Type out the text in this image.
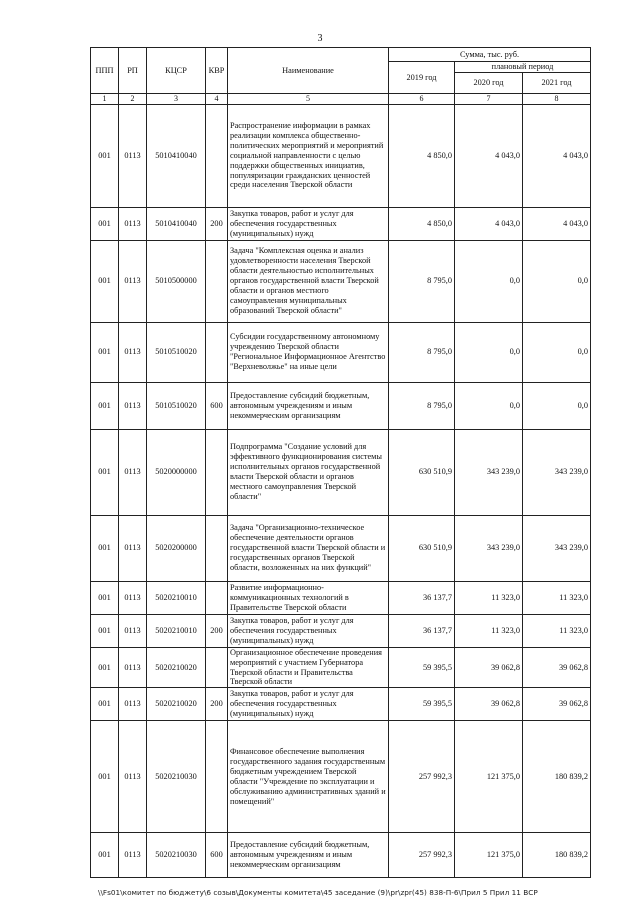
3
ППП	РП	КЦСР	КВР	Наименование	Сумма, тыс. руб.		
					2019 год	плановый период	
						2020 год	2021 год
1	2	3	4	5	6	7	8
001	0113	5010410040		Распространение информации в рамках реализации комплекса общественно-политических мероприятий и мероприятий социальной направленности с целью поддержки общественных инициатив, популяризации гражданских ценностей среди населения Тверской области	4 850,0	4 043,0	4 043,0
001	0113	5010410040	200	Закупка товаров, работ и услуг для обеспечения государственных (муниципальных) нужд	4 850,0	4 043,0	4 043,0
001	0113	5010500000		Задача "Комплексная оценка и анализ удовлетворенности населения Тверской области деятельностью исполнительных органов государственной власти Тверской области и органов местного самоуправления муниципальных образований Тверской области"	8 795,0	0,0	0,0
001	0113	5010510020		Субсидии государственному автономному учреждению Тверской области "Региональное Информационное Агентство "Верхневолжье" на иные цели	8 795,0	0,0	0,0
001	0113	5010510020	600	Предоставление субсидий бюджетным, автономным учреждениям и иным некоммерческим организациям	8 795,0	0,0	0,0
001	0113	5020000000		Подпрограмма "Создание условий для эффективного функционирования системы исполнительных органов государственной власти Тверской области и органов местного самоуправления Тверской области"	630 510,9	343 239,0	343 239,0
001	0113	5020200000		Задача "Организационно-техническое обеспечение деятельности органов государственной власти Тверской области и государственных органов Тверской области, возложенных на них функций"	630 510,9	343 239,0	343 239,0
001	0113	5020210010		Развитие информационно-коммуникационных технологий в Правительстве Тверской области	36 137,7	11 323,0	11 323,0
001	0113	5020210010	200	Закупка товаров, работ и услуг для обеспечения государственных (муниципальных) нужд	36 137,7	11 323,0	11 323,0
001	0113	5020210020		Организационное обеспечение проведения мероприятий с участием Губернатора Тверской области и Правительства Тверской области	59 395,5	39 062,8	39 062,8
001	0113	5020210020	200	Закупка товаров, работ и услуг для обеспечения государственных (муниципальных) нужд	59 395,5	39 062,8	39 062,8
001	0113	5020210030		Финансовое обеспечение выполнения государственного задания государственным бюджетным учреждением Тверской области "Учреждение по эксплуатации и обслуживанию административных зданий и помещений"	257 992,3	121 375,0	180 839,2
001	0113	5020210030	600	Предоставление субсидий бюджетным, автономным учреждениям и иным некоммерческим организациям	257 992,3	121 375,0	180 839,2
\\Fs01\комитет по бюджету\6 созыв\Документы комитета\45 заседание (9)\pr\zpr(45) 838-П-6\Прил 5 Прил 11 ВСР
